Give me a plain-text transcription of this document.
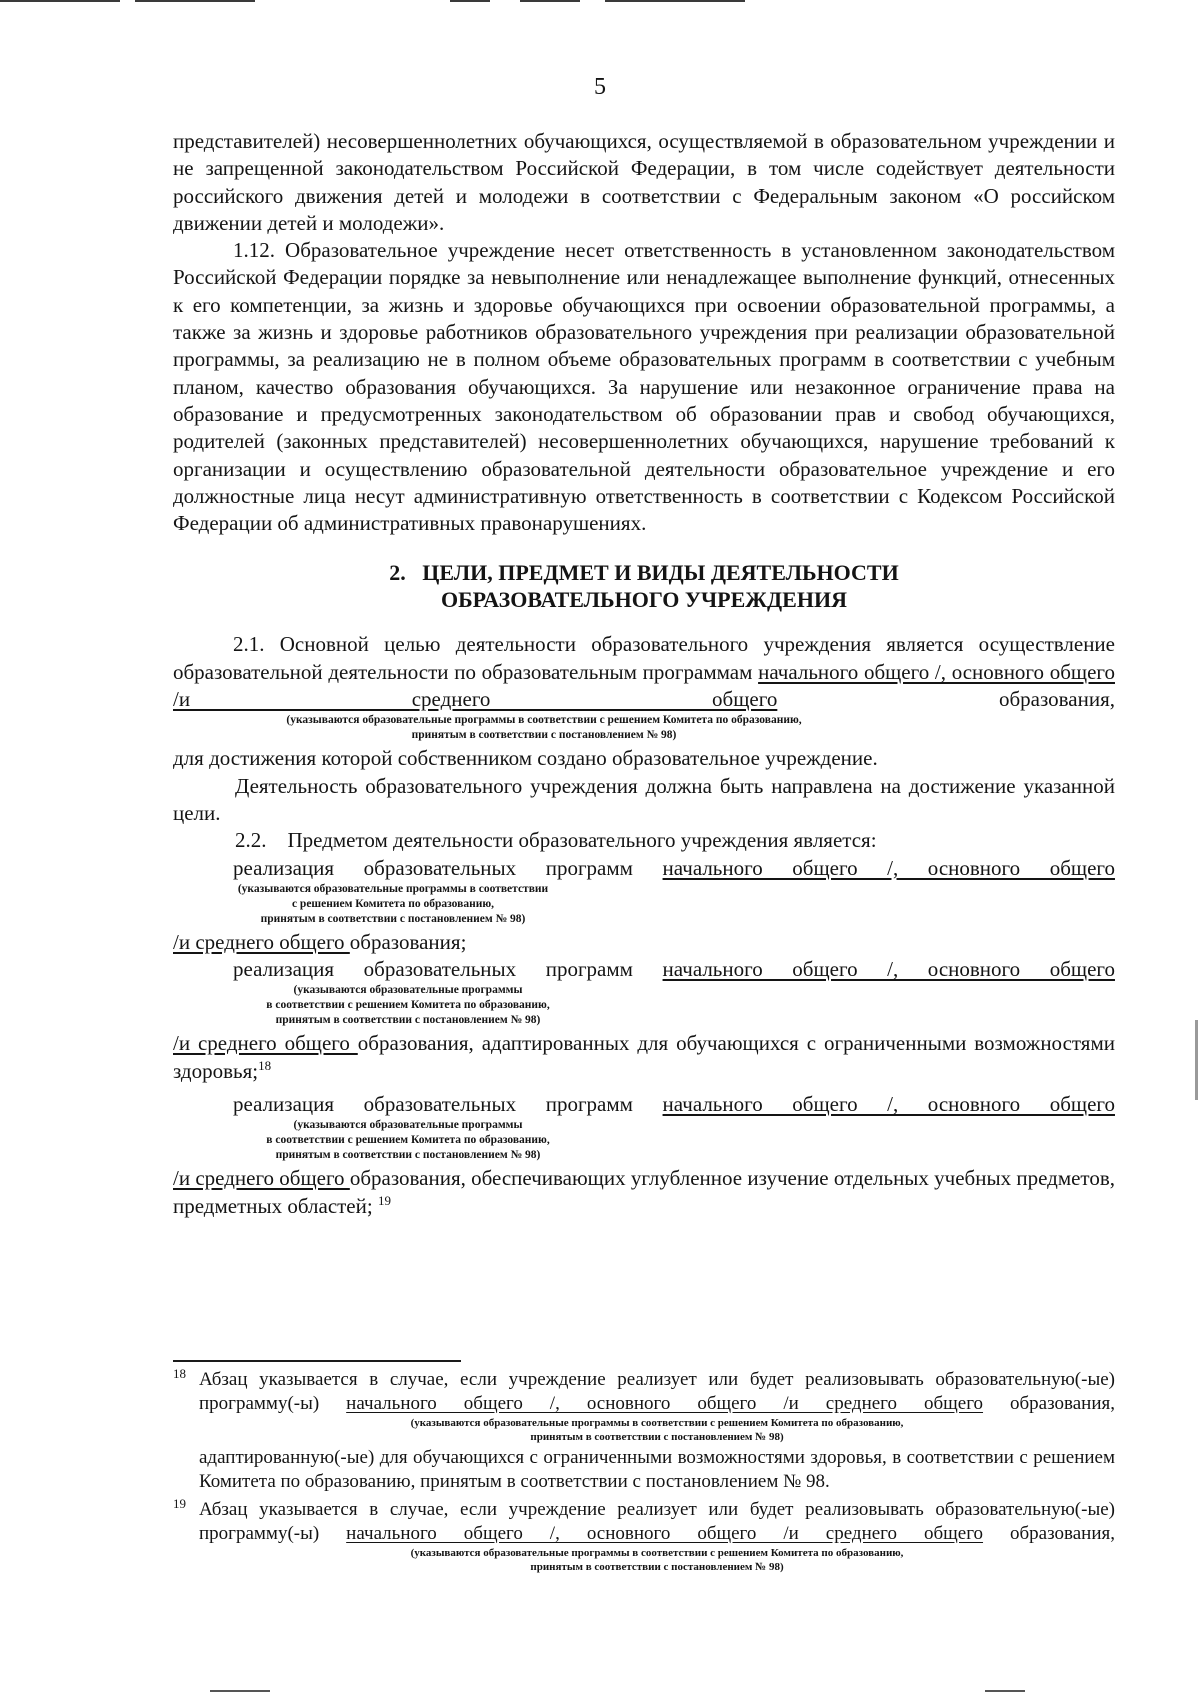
5

представителей) несовершеннолетних обучающихся, осуществляемой в образовательном учреждении и не запрещенной законодательством Российской Федерации, в том числе содействует деятельности российского движения детей и молодежи в соответствии с Федеральным законом «О российском движении детей и молодежи».

1.12. Образовательное учреждение несет ответственность в установленном законодательством Российской Федерации порядке за невыполнение или ненадлежащее выполнение функций, отнесенных к его компетенции, за жизнь и здоровье обучающихся при освоении образовательной программы, а также за жизнь и здоровье работников образовательного учреждения при реализации образовательной программы, за реализацию не в полном объеме образовательных программ в соответствии с учебным планом, качество образования обучающихся. За нарушение или незаконное ограничение права на образование и предусмотренных законодательством об образовании прав и свобод обучающихся, родителей (законных представителей) несовершеннолетних обучающихся, нарушение требований к организации и осуществлению образовательной деятельности образовательное учреждение и его должностные лица несут административную ответственность в соответствии с Кодексом Российской Федерации об административных правонарушениях.

2.   ЦЕЛИ, ПРЕДМЕТ И ВИДЫ ДЕЯТЕЛЬНОСТИ
ОБРАЗОВАТЕЛЬНОГО УЧРЕЖДЕНИЯ

2.1. Основной целью деятельности образовательного учреждения является осуществление образовательной деятельности по образовательным программам начального общего /, основного общего /и среднего общего образования,

(указываются образовательные программы в соответствии с решением Комитета по образованию,

принятым в соответствии с постановлением № 98)

для достижения которой собственником создано образовательное учреждение.

Деятельность образовательного учреждения должна быть направлена на достижение указанной цели.

2.2.    Предметом деятельности образовательного учреждения является:

реализация образовательных программ начального общего /, основного общего

(указываются образовательные программы в соответствии

с решением Комитета по образованию,

принятым в соответствии с постановлением № 98)

/и среднего общего образования;

реализация образовательных программ начального общего /, основного общего

(указываются образовательные программы

в соответствии с решением Комитета по образованию,

принятым в соответствии с постановлением № 98)

/и среднего общего образования, адаптированных для обучающихся с ограниченными возможностями здоровья;$^{18}$

реализация образовательных программ начального общего /, основного общего

(указываются образовательные программы

в соответствии с решением Комитета по образованию,

принятым в соответствии с постановлением № 98)

/и среднего общего образования, обеспечивающих углубленное изучение отдельных учебных предметов, предметных областей; $^{19}$

18 Абзац указывается в случае, если учреждение реализует или будет реализовывать образовательную(-ые) программу(-ы) начального общего /, основного общего /и среднего общего образования,

(указываются образовательные программы в соответствии с решением Комитета по образованию,

принятым в соответствии с постановлением № 98)

адаптированную(-ые) для обучающихся с ограниченными возможностями здоровья, в соответствии с решением Комитета по образованию, принятым в соответствии с постановлением № 98.

19 Абзац указывается в случае, если учреждение реализует или будет реализовывать образовательную(-ые) программу(-ы) начального общего /, основного общего /и среднего общего образования,

(указываются образовательные программы в соответствии с решением Комитета по образованию,

принятым в соответствии с постановлением № 98)
